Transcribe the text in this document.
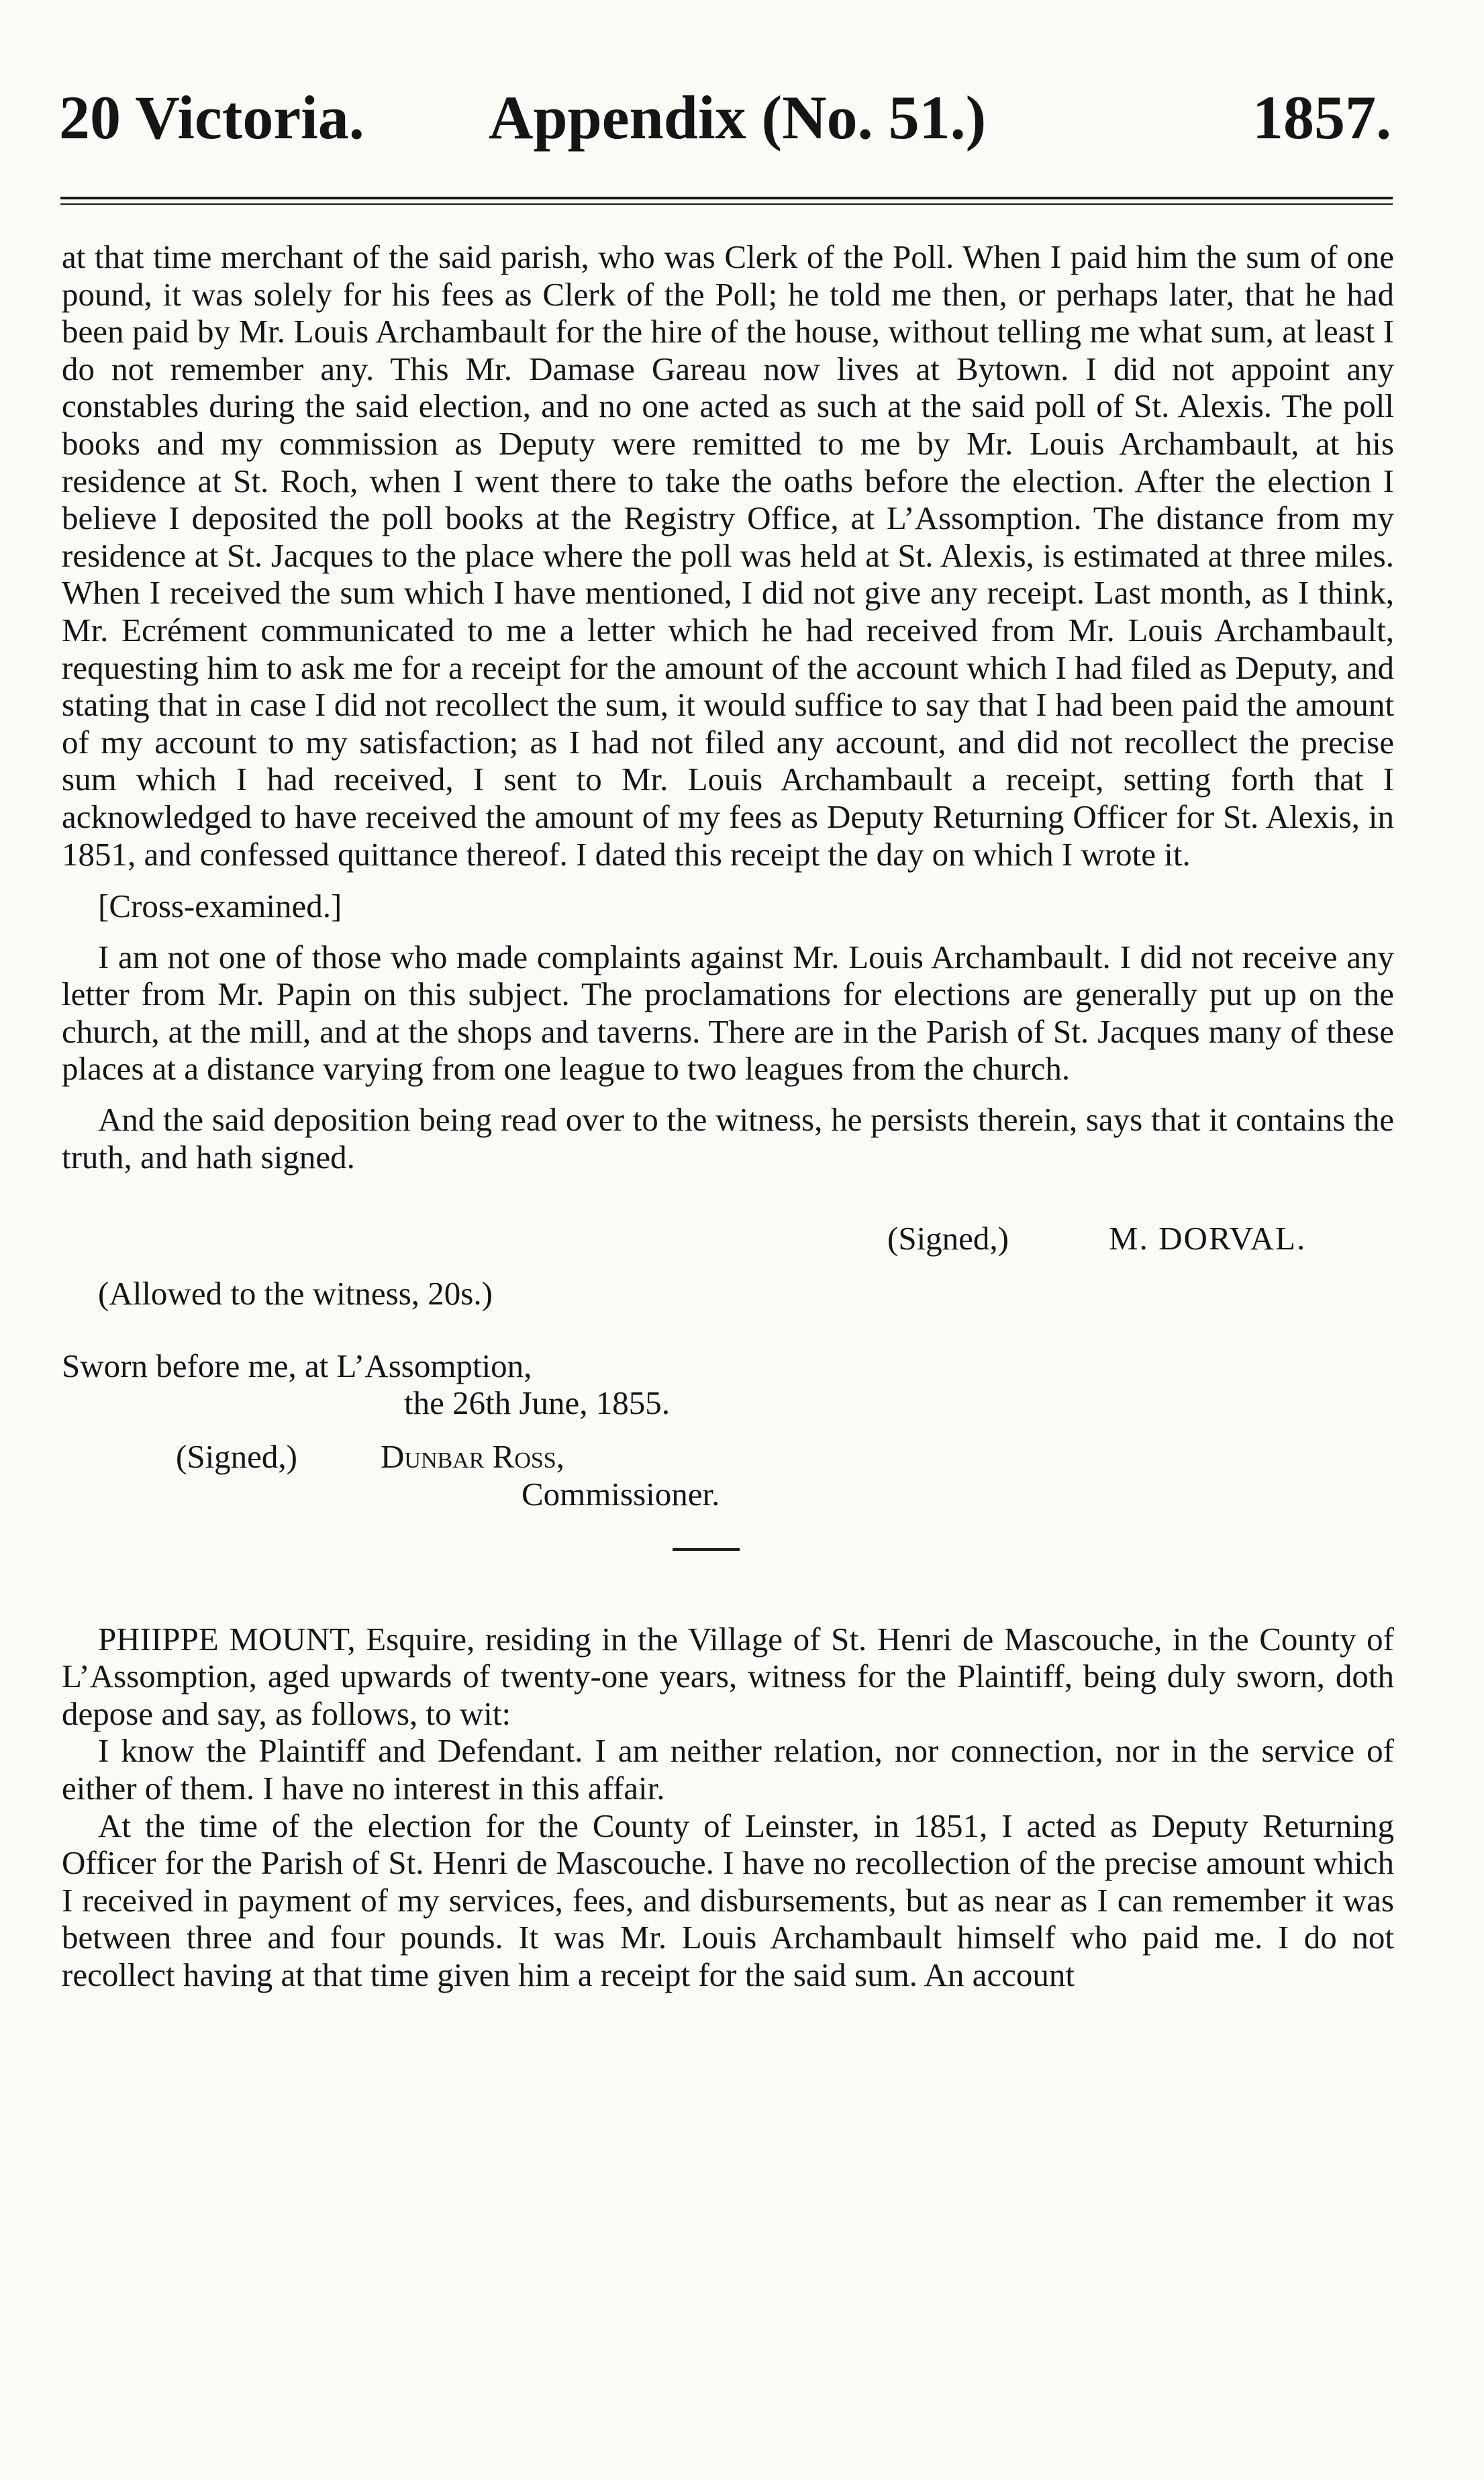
20 Victoria. Appendix (No. 51.)	1857.

at that time merchant of the said parish, who was Clerk of the Poll. When I paid him the sum of one pound, it was solely for his fees as Clerk of the Poll; he told me then, or perhaps later, that he had been paid by Mr. Louis Archambault for the hire of the house, without telling me what sum, at least I do not remember any. This Mr. Damase Gareau now lives at Bytown. I did not appoint any constables during the said election, and no one acted as such at the said poll of St. Alexis. The poll books and my commission as Deputy were remitted to me by Mr. Louis Archambault, at his residence at St. Roch, when I went there to take the oaths before the election. After the election I believe I deposited the poll books at the Registry Office, at L’Assomption. The distance from my residence at St. Jacques to the place where the poll was held at St. Alexis, is estimated at three miles. When I received the sum which I have mentioned, I did not give any receipt. Last month, as I think, Mr. Ecrément communicated to me a letter which he had received from Mr. Louis Archambault, requesting him to ask me for a receipt for the amount of the account which I had filed as Deputy, and stating that in case I did not recollect the sum, it would suffice to say that I had been paid the amount of my account to my satisfaction; as I had not filed any account, and did not recollect the precise sum which I had received, I sent to Mr. Louis Archambault a receipt, setting forth that I acknowledged to have received the amount of my fees as Deputy Returning Officer for St. Alexis, in 1851, and confessed quittance thereof. I dated this receipt the day on which I wrote it.

[Cross-examined.]

I am not one of those who made complaints against Mr. Louis Archambault. I did not receive any letter from Mr. Papin on this subject. The proclamations for elections are generally put up on the church, at the mill, and at the shops and taverns. There are in the Parish of St. Jacques many of these places at a distance varying from one league to two leagues from the church.

And the said deposition being read over to the witness, he persists therein, says that it contains the truth, and hath signed.

(Signed,)	M. DORVAL.

(Allowed to the witness, 20s.)

Sworn before me, at L’Assomption,
the 26th June, 1855.
(Signed,)	Dunbar Ross,
Commissioner.

PHIIPPE MOUNT, Esquire, residing in the Village of St. Henri de Mascouche, in the County of L’Assomption, aged upwards of twenty-one years, witness for the Plaintiff, being duly sworn, doth depose and say, as follows, to wit:

I know the Plaintiff and Defendant. I am neither relation, nor connection, nor in the service of either of them. I have no interest in this affair.

At the time of the election for the County of Leinster, in 1851, I acted as Deputy Returning Officer for the Parish of St. Henri de Mascouche. I have no recollection of the precise amount which I received in payment of my services, fees, and disbursements, but as near as I can remember it was between three and four pounds. It was Mr. Louis Archambault himself who paid me. I do not recollect having at that time given him a receipt for the said sum. An account
